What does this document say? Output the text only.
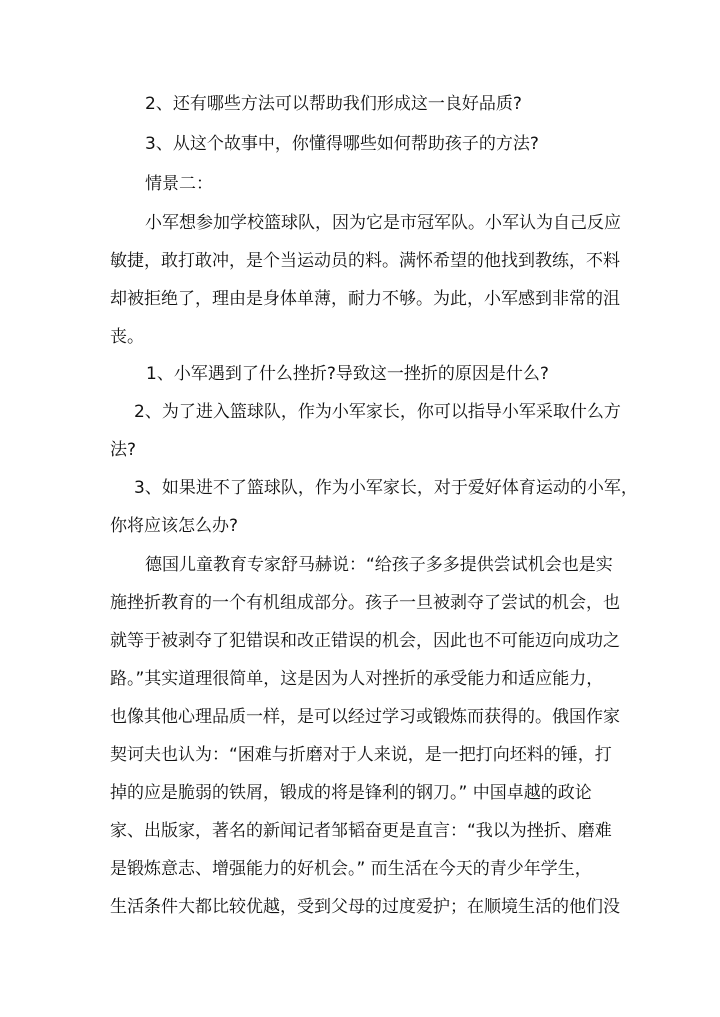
2、还有哪些方法可以帮助我们形成这一良好品质?

3、从这个故事中，你懂得哪些如何帮助孩子的方法?

情景二：

小军想参加学校篮球队，因为它是市冠军队。小军认为自己反应

敏捷，敢打敢冲，是个当运动员的料。满怀希望的他找到教练，不料

却被拒绝了，理由是身体单薄，耐力不够。为此，小军感到非常的沮

丧。

1、小军遇到了什么挫折?导致这一挫折的原因是什么?

2、为了进入篮球队，作为小军家长，你可以指导小军采取什么方

法?

3、如果进不了篮球队，作为小军家长，对于爱好体育运动的小军，

你将应该怎么办?

德国儿童教育专家舒马赫说：“给孩子多多提供尝试机会也是实

施挫折教育的一个有机组成部分。孩子一旦被剥夺了尝试的机会，也

就等于被剥夺了犯错误和改正错误的机会，因此也不可能迈向成功之

路。”其实道理很简单，这是因为人对挫折的承受能力和适应能力，

也像其他心理品质一样，是可以经过学习或锻炼而获得的。俄国作家

契诃夫也认为：“困难与折磨对于人来说，是一把打向坯料的锤，打

掉的应是脆弱的铁屑，锻成的将是锋利的钢刀。” 中国卓越的政论

家、出版家，著名的新闻记者邹韬奋更是直言：“我以为挫折、磨难

是锻炼意志、增强能力的好机会。” 而生活在今天的青少年学生，

生活条件大都比较优越，受到父母的过度爱护；在顺境生活的他们没
